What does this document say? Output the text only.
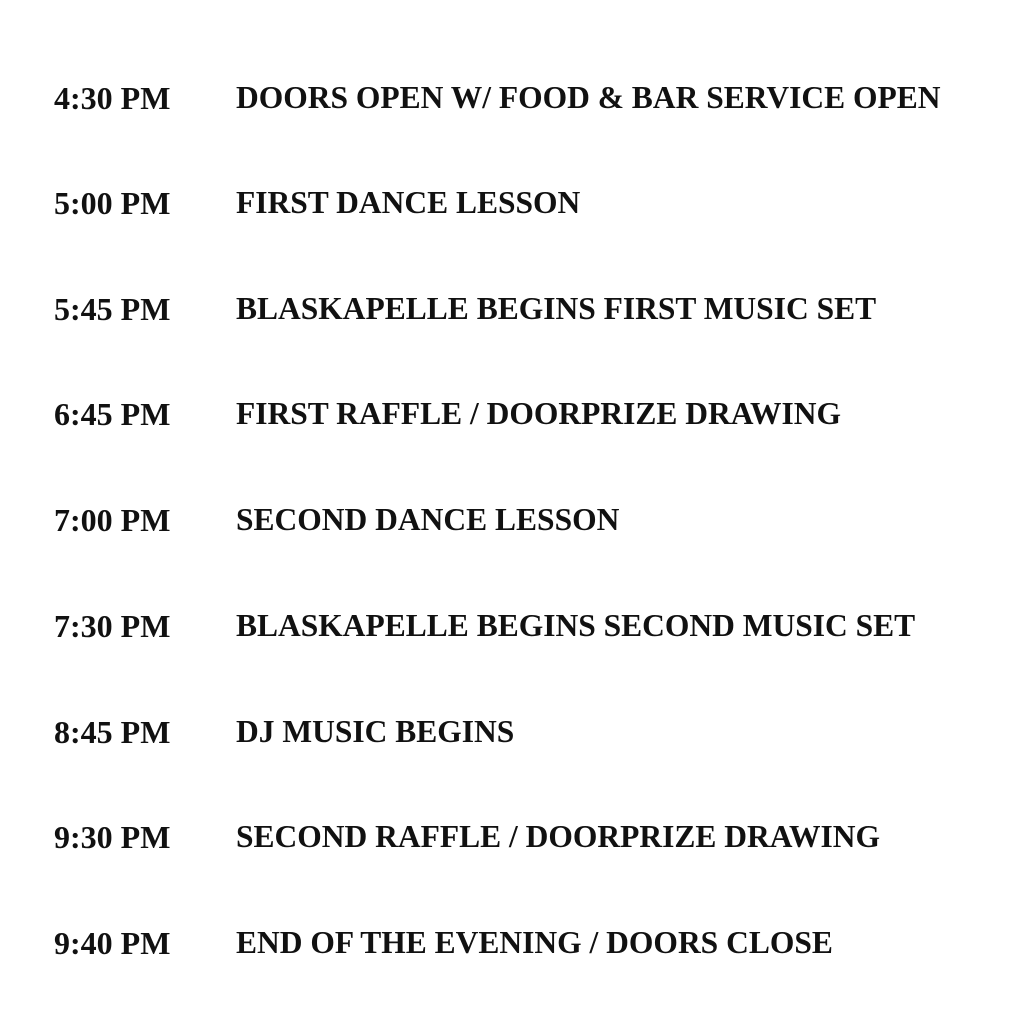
4:30 PM	DOORS OPEN W/ FOOD & BAR SERVICE OPEN
5:00 PM	FIRST DANCE LESSON
5:45 PM	BLASKAPELLE BEGINS FIRST MUSIC SET
6:45 PM	FIRST RAFFLE / DOORPRIZE DRAWING
7:00 PM	SECOND DANCE LESSON
7:30 PM	BLASKAPELLE BEGINS SECOND MUSIC SET
8:45 PM	DJ MUSIC BEGINS
9:30 PM	SECOND RAFFLE / DOORPRIZE DRAWING
9:40 PM	END OF THE EVENING / DOORS CLOSE
